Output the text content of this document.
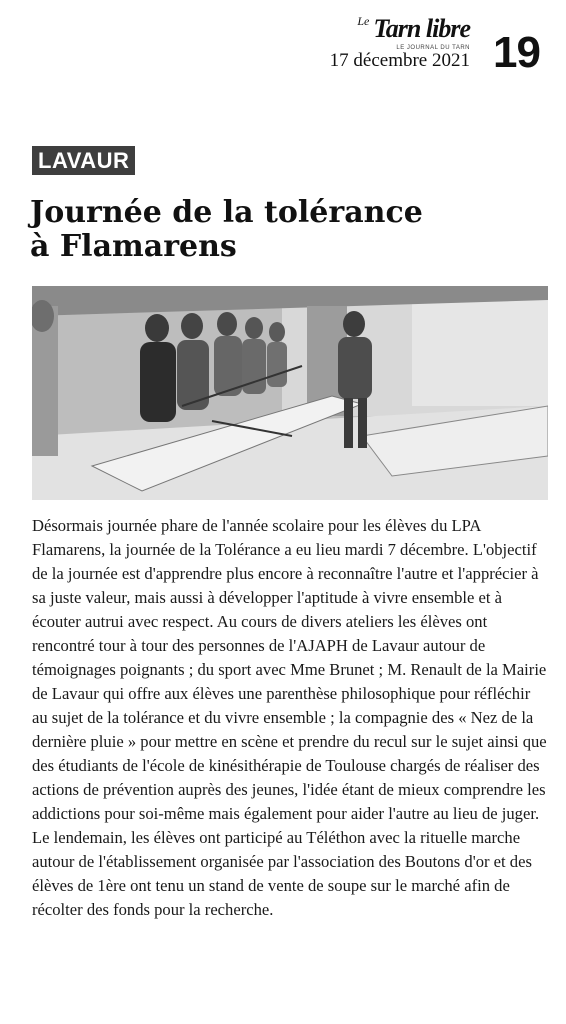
$^{Le}$ Tarn libre
LE JOURNAL DU TARN
17 décembre 2021 19
LAVAUR
Journée de la tolérance
à Flamarens

Désormais journée phare de l'année scolaire pour les élèves du LPA Flamarens, la journée de la Tolérance a eu lieu mardi 7 décembre. L'objectif de la journée est d'apprendre plus encore à reconnaître l'autre et l'apprécier à sa juste valeur, mais aussi à développer l'aptitude à vivre ensemble et à écouter autrui avec respect. Au cours de divers ateliers les élèves ont rencontré tour à tour des personnes de l'AJAPH de Lavaur autour de témoignages poignants ; du sport avec Mme Brunet ; M. Renault de la Mairie de Lavaur qui offre aux élèves une parenthèse philosophique pour réfléchir au sujet de la tolérance et du vivre ensemble ; la compagnie des « Nez de la dernière pluie » pour mettre en scène et prendre du recul sur le sujet ainsi que des étudiants de l'école de kinésithérapie de Toulouse chargés de réaliser des actions de prévention auprès des jeunes, l'idée étant de mieux comprendre les addictions pour soi-même mais également pour aider l'autre au lieu de juger. Le lendemain, les élèves ont participé au Téléthon avec la rituelle marche autour de l'établissement organisée par l'association des Boutons d'or et des élèves de 1ère ont tenu un stand de vente de soupe sur le marché afin de récolter des fonds pour la recherche.
